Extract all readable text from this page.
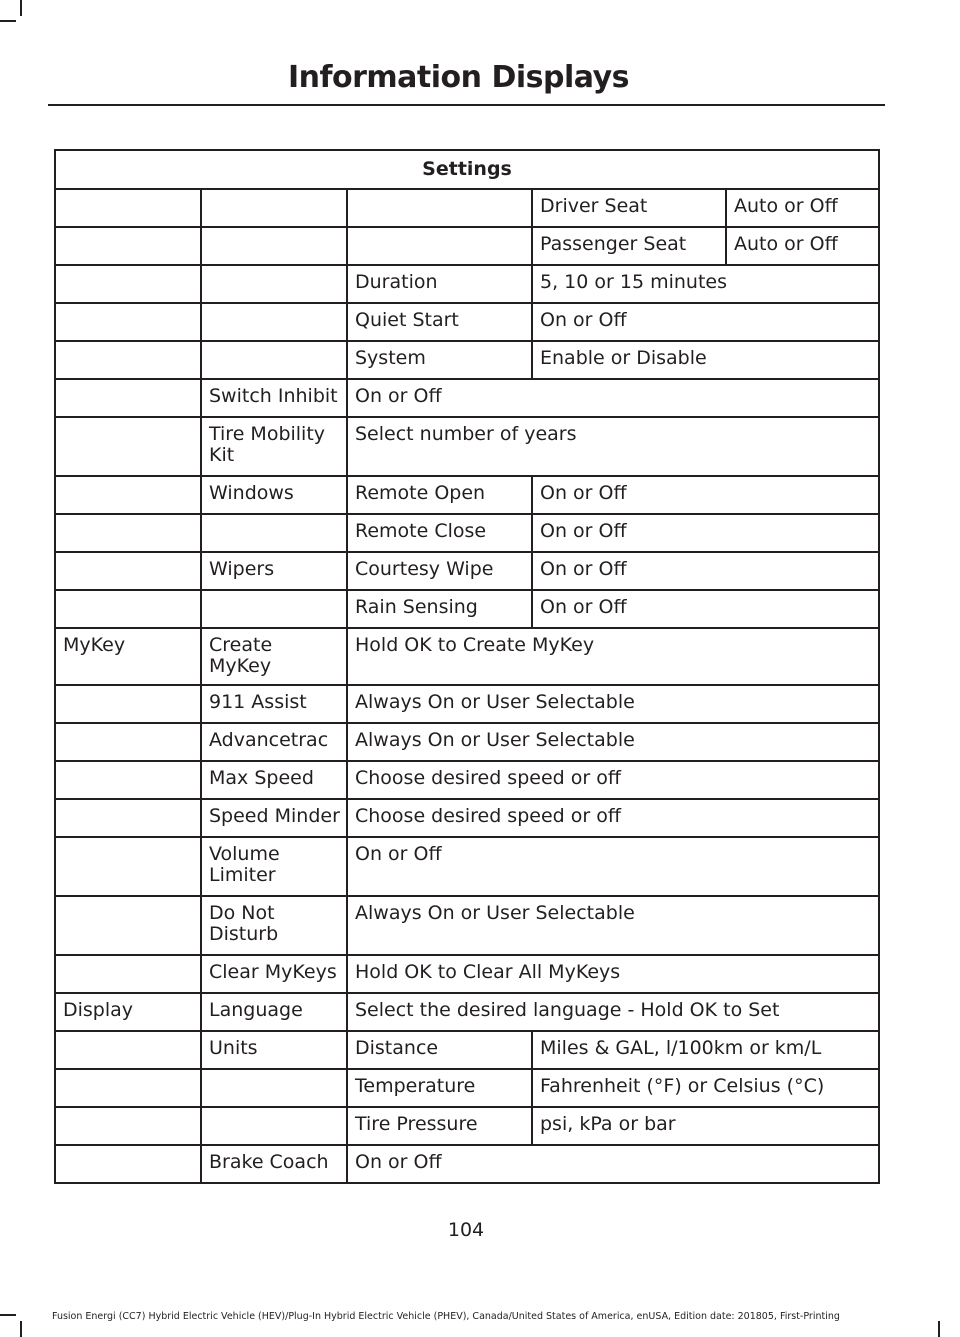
Information Displays
Settings				
			Driver Seat	Auto or Off
			Passenger Seat	Auto or Off
		Duration	5, 10 or 15 minutes	
		Quiet Start	On or Off	
		System	Enable or Disable	
	Switch Inhibit	On or Off		
	Tire Mobility Kit	Select number of years		
	Windows	Remote Open	On or Off	
		Remote Close	On or Off	
	Wipers	Courtesy Wipe	On or Off	
		Rain Sensing	On or Off	
MyKey	Create MyKey	Hold OK to Create MyKey		
	911 Assist	Always On or User Selectable		
	Advancetrac	Always On or User Selectable		
	Max Speed	Choose desired speed or off		
	Speed Minder	Choose desired speed or off		
	Volume Limiter	On or Off		
	Do Not Disturb	Always On or User Selectable		
	Clear MyKeys	Hold OK to Clear All MyKeys		
Display	Language	Select the desired language - Hold OK to Set		
	Units	Distance	Miles & GAL, l/100km or km/L	
		Temperature	Fahrenheit (°F) or Celsius (°C)	
		Tire Pressure	psi, kPa or bar	
	Brake Coach	On or Off		
104
Fusion Energi (CC7) Hybrid Electric Vehicle (HEV)/Plug-In Hybrid Electric Vehicle (PHEV), Canada/United States of America, enUSA, Edition date: 201805, First-Printing
